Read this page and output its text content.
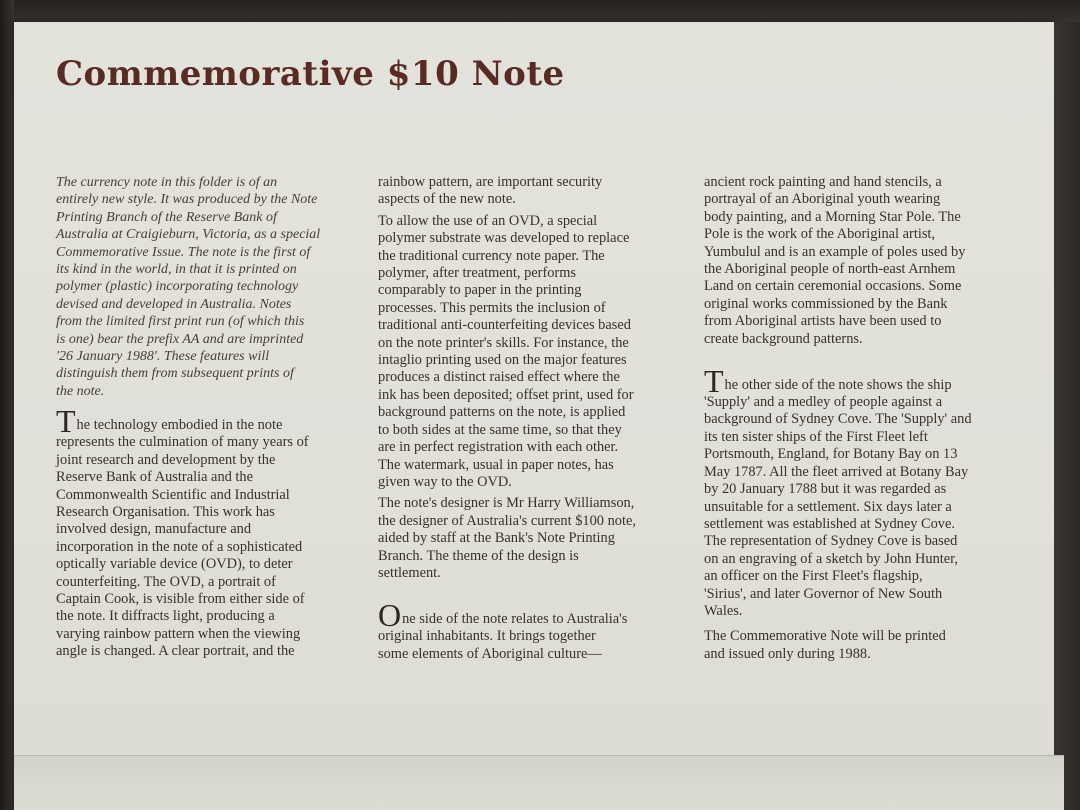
Commemorative $10 Note

The currency note in this folder is of an

entirely new style. It was produced by the Note

Printing Branch of the Reserve Bank of

Australia at Craigieburn, Victoria, as a special

Commemorative Issue. The note is the first of

its kind in the world, in that it is printed on

polymer (plastic) incorporating technology

devised and developed in Australia. Notes

from the limited first print run (of which this

is one) bear the prefix AA and are imprinted

'26 January 1988'. These features will

distinguish them from subsequent prints of

the note.

T he technology embodied in the note

represents the culmination of many years of

joint research and development by the

Reserve Bank of Australia and the

Commonwealth Scientific and Industrial

Research Organisation. This work has

involved design, manufacture and

incorporation in the note of a sophisticated

optically variable device (OVD), to deter

counterfeiting. The OVD, a portrait of

Captain Cook, is visible from either side of

the note. It diffracts light, producing a

varying rainbow pattern when the viewing

angle is changed. A clear portrait, and the

rainbow pattern, are important security

aspects of the new note.

To allow the use of an OVD, a special

polymer substrate was developed to replace

the traditional currency note paper. The

polymer, after treatment, performs

comparably to paper in the printing

processes. This permits the inclusion of

traditional anti-counterfeiting devices based

on the note printer's skills. For instance, the

intaglio printing used on the major features

produces a distinct raised effect where the

ink has been deposited; offset print, used for

background patterns on the note, is applied

to both sides at the same time, so that they

are in perfect registration with each other.

The watermark, usual in paper notes, has

given way to the OVD.

The note's designer is Mr Harry Williamson,

the designer of Australia's current $100 note,

aided by staff at the Bank's Note Printing

Branch. The theme of the design is

settlement.

O ne side of the note relates to Australia's

original inhabitants. It brings together

some elements of Aboriginal culture—

ancient rock painting and hand stencils, a

portrayal of an Aboriginal youth wearing

body painting, and a Morning Star Pole. The

Pole is the work of the Aboriginal artist,

Yumbulul and is an example of poles used by

the Aboriginal people of north-east Arnhem

Land on certain ceremonial occasions. Some

original works commissioned by the Bank

from Aboriginal artists have been used to

create background patterns.

T he other side of the note shows the ship

'Supply' and a medley of people against a

background of Sydney Cove. The 'Supply' and

its ten sister ships of the First Fleet left

Portsmouth, England, for Botany Bay on 13

May 1787. All the fleet arrived at Botany Bay

by 20 January 1788 but it was regarded as

unsuitable for a settlement. Six days later a

settlement was established at Sydney Cove.

The representation of Sydney Cove is based

on an engraving of a sketch by John Hunter,

an officer on the First Fleet's flagship,

'Sirius', and later Governor of New South

Wales.

The Commemorative Note will be printed

and issued only during 1988.
